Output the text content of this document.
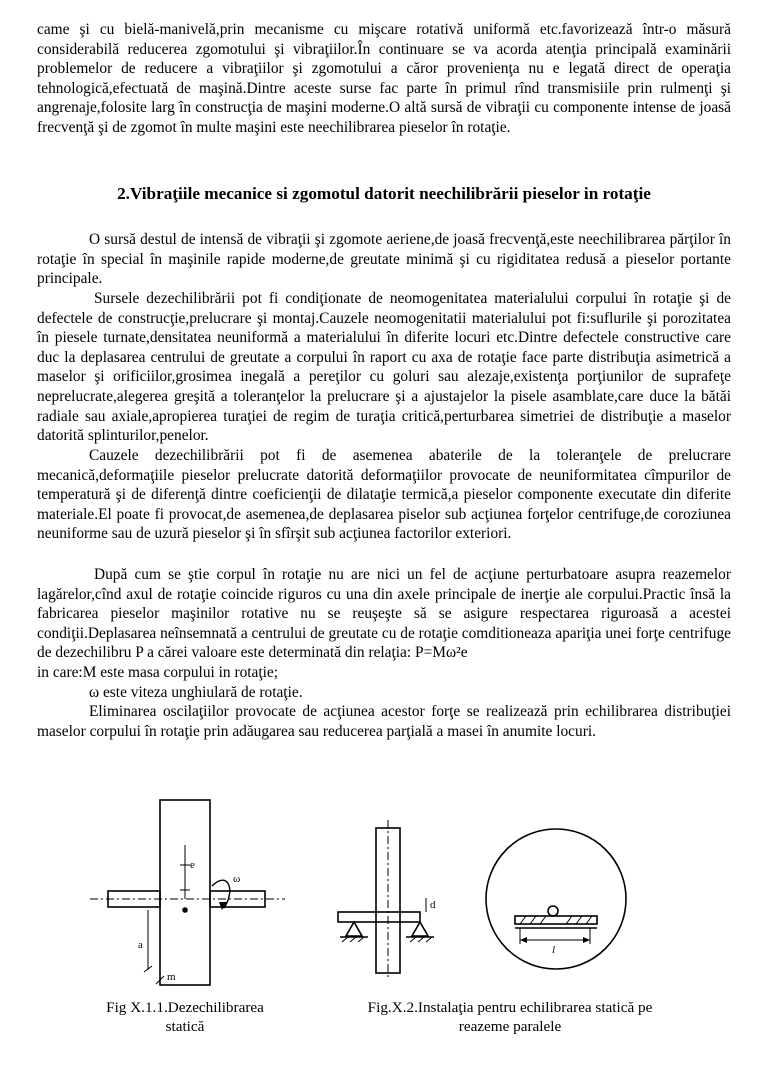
came şi cu bielă-manivelă,prin mecanisme cu mişcare rotativă uniformă etc.favorizează într-o măsură considerabilă reducerea zgomotului şi vibraţiilor.În continuare se va acorda atenţia principală examinării problemelor de reducere a vibraţiilor şi zgomotului a căror provenienţa nu e legată direct de operaţia tehnologică,efectuată de maşină.Dintre aceste surse fac parte în primul rînd transmisiile prin rulmenţi şi angrenaje,folosite larg în construcţia de maşini moderne.O altă sursă de vibraţii cu componente intense de joasă frecvenţă şi de zgomot în multe maşini este neechilibrarea pieselor în rotaţie.

2.Vibraţiile mecanice si zgomotul datorit neechilibrării pieselor in rotaţie

O sursă destul de intensă de vibraţii şi zgomote aeriene,de joasă frecvenţă,este neechilibrarea părţilor în rotaţie în special în maşinile rapide moderne,de greutate minimă şi cu rigiditatea redusă a pieselor portante principale.

Sursele dezechilibrării pot fi condiţionate de neomogenitatea materialului corpului în rotaţie şi de defectele de construcţie,prelucrare şi montaj.Cauzele neomogenitatii materialului pot fi:suflurile şi porozitatea în piesele turnate,densitatea neuniformă a materialului în diferite locuri etc.Dintre defectele constructive care duc la deplasarea centrului de greutate a corpului în raport cu axa de rotaţie face parte distribuţia asimetrică a maselor şi orificiilor,grosimea inegală a pereţilor cu goluri sau alezaje,existenţa porţiunilor de suprafeţe neprelucrate,alegerea greşită a toleranţelor la prelucrare şi a ajustajelor la pisele asamblate,care duce la bătăi radiale sau axiale,apropierea turaţiei de regim de turaţia critică,perturbarea simetriei de distribuţie a maselor datorită splinturilor,penelor.

Cauzele dezechilibrării pot fi de asemenea abaterile de la toleranţele de prelucrare mecanică,deformaţiile pieselor prelucrate datorită deformaţiilor provocate de neuniformitatea cîmpurilor de temperatură şi de diferenţă dintre coeficienţii de dilataţie termică,a pieselor componente executate din diferite materiale.El poate fi provocat,de asemenea,de deplasarea piselor sub acţiunea forţelor centrifuge,de coroziunea neuniforme sau de uzură pieselor şi în sfîrşit sub acţiunea factorilor exteriori.

După cum se ştie corpul în rotaţie nu are nici un fel de acţiune perturbatoare asupra reazemelor lagărelor,cînd axul de rotaţie coincide riguros cu una din axele principale de inerţie ale corpului.Practic însă la fabricarea pieselor maşinilor rotative nu se reuşeşte să se asigure respectarea riguroasă a acestei condiţii.Deplasarea neînsemnată a centrului de greutate cu de rotaţie comditioneaza apariţia unei forţe centrifuge de dezechilibru P a cărei valoare este determinată din relaţia: P=Mω²e
in care:M este masa corpului in rotaţie;
ω este viteza unghiulară de rotaţie.
Eliminarea oscilaţiilor provocate de acţiunea acestor forţe se realizează prin echilibrarea distribuţiei maselor corpului în rotaţie prin adăugarea sau reducerea parţială a masei în anumite locuri.
e
m
ω
a
d
l
Fig X.1.1.Dezechilibrarea
statică
Fig.X.2.Instalaţia pentru echilibrarea statică pe
reazeme paralele
